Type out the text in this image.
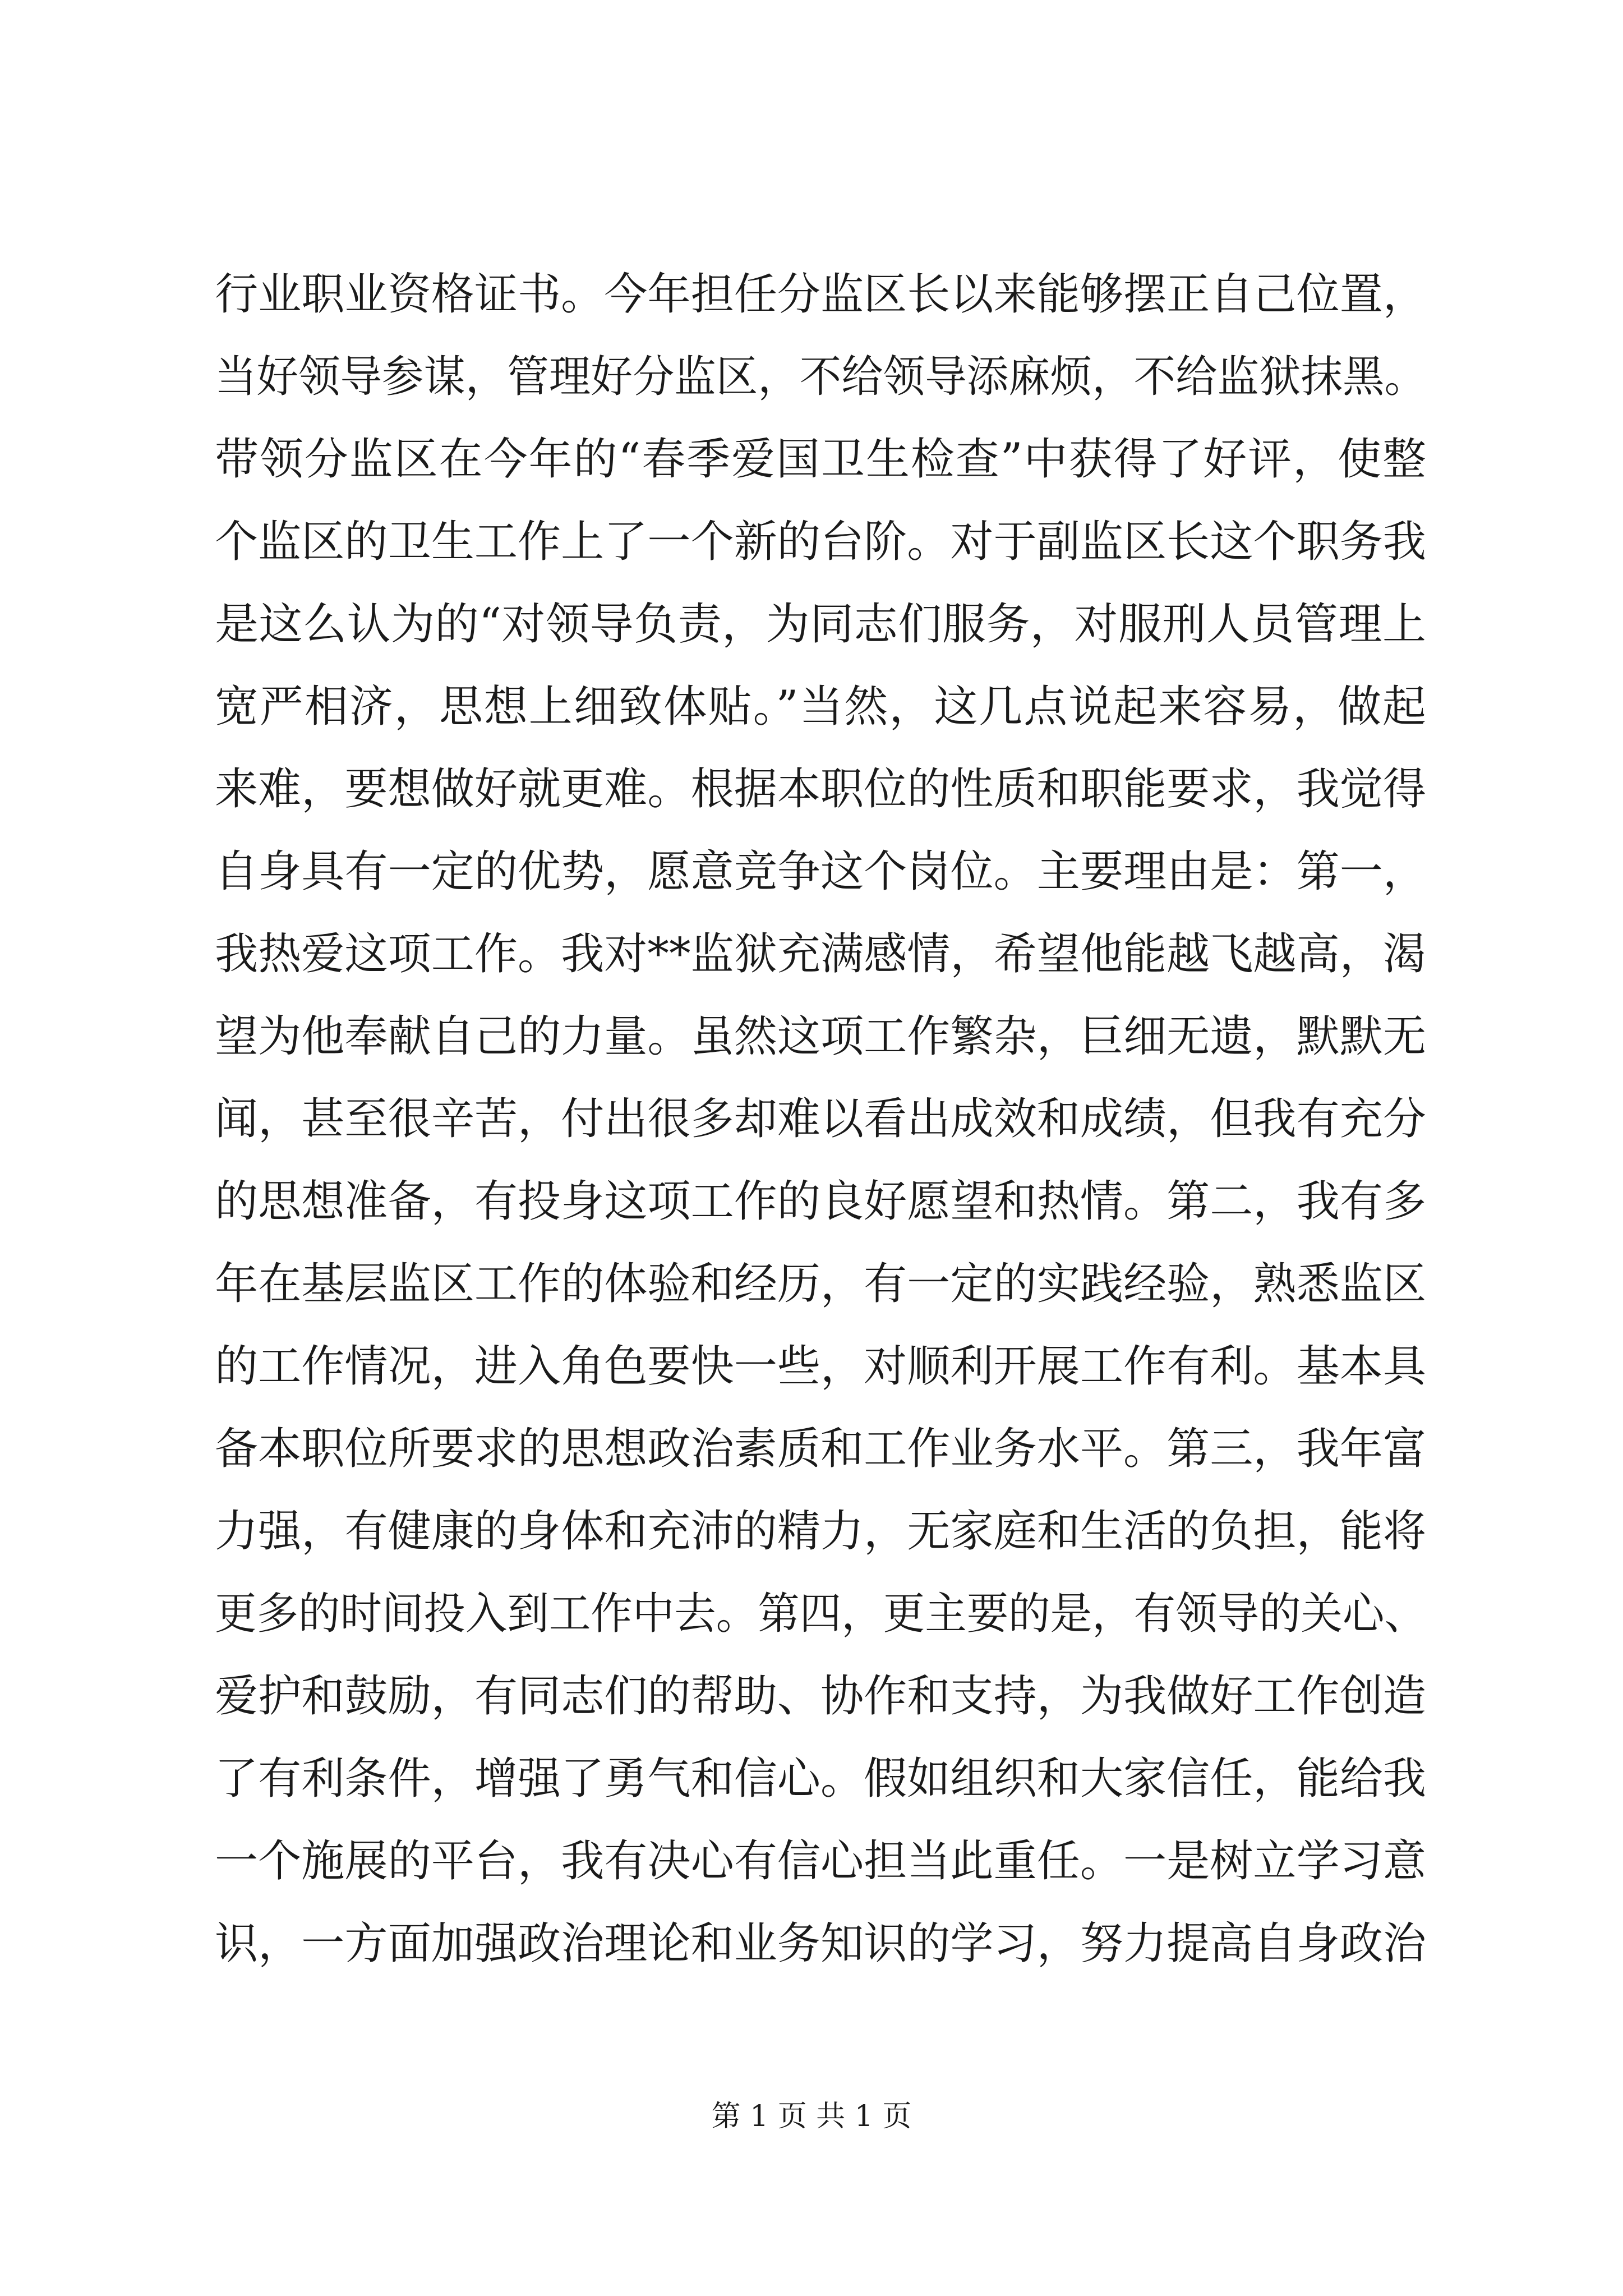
行业职业资格证书。今年担任分监区长以来能够摆正自己位置，
当好领导参谋，管理好分监区，不给领导添麻烦，不给监狱抹黑。
带领分监区在今年的“春季爱国卫生检查”中获得了好评，使整
个监区的卫生工作上了一个新的台阶。对于副监区长这个职务我
是这么认为的“对领导负责，为同志们服务，对服刑人员管理上
宽严相济，思想上细致体贴。”当然，这几点说起来容易，做起
来难，要想做好就更难。根据本职位的性质和职能要求，我觉得
自身具有一定的优势，愿意竞争这个岗位。主要理由是：第一，
我热爱这项工作。我对**监狱充满感情，希望他能越飞越高，渴
望为他奉献自己的力量。虽然这项工作繁杂，巨细无遗，默默无
闻，甚至很辛苦，付出很多却难以看出成效和成绩，但我有充分
的思想准备，有投身这项工作的良好愿望和热情。第二，我有多
年在基层监区工作的体验和经历，有一定的实践经验，熟悉监区
的工作情况，进入角色要快一些，对顺利开展工作有利。基本具
备本职位所要求的思想政治素质和工作业务水平。第三，我年富
力强，有健康的身体和充沛的精力，无家庭和生活的负担，能将
更多的时间投入到工作中去。第四，更主要的是，有领导的关心、
爱护和鼓励，有同志们的帮助、协作和支持，为我做好工作创造
了有利条件，增强了勇气和信心。假如组织和大家信任，能给我
一个施展的平台，我有决心有信心担当此重任。一是树立学习意
识，一方面加强政治理论和业务知识的学习，努力提高自身政治
第 1 页 共 1 页
